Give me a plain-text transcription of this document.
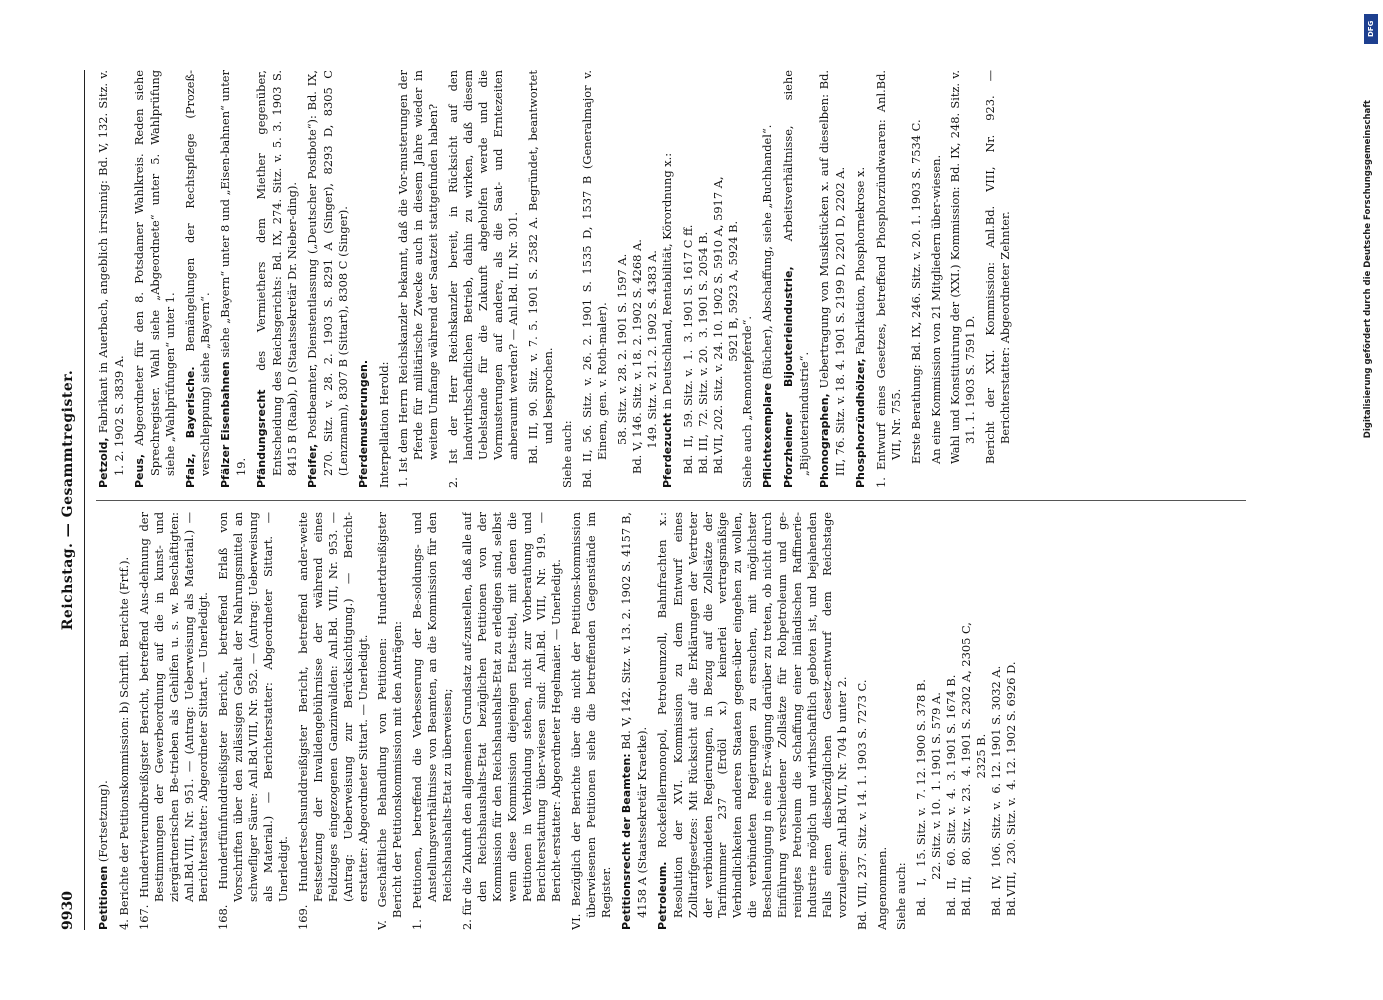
9930
Reichstag. — Gesammtregister.
Petitionen (Fortsetzung). 4. Berichte der Petitionskommission: b) Schriftl. Berichte (Frtf.). 167. Hundertvierundbreißigster Bericht, betreffend Aus-dehnung der Bestimmungen der Gewerbeordnung auf die in kunst- und ziergärtnerischen Be-trieben als Gehilfen u. s. w. Beschäftigten: Anl.Bd.VIII, Nr. 951. — (Antrag: Ueberweisung als Material.) — Berichterstatter: Abgeordneter Sittart. — Unerledigt. 168. Hundertfünfunddreißigster Bericht, betreffend Erlaß von Vorschriften über den zulässigen Gehalt der Nahrungsmittel an schwefliger Säure: Anl.Bd.VIII, Nr. 952. — (Antrag: Ueberweisung als Material.) — Berichterstatter: Abgeordneter Sittart. — Unerledigt. 169. Hundertsechsunddreißigster Bericht, betreffend ander-weite Festsetzung der Invalidengebührnisse der während eines Feldzuges eingezogenen Ganzinvaliden: Anl.Bd. VIII, Nr. 953. — (Antrag: Ueberweisung zur Berücksichtigung.) — Bericht-erstatter: Abgeordneter Sittart. — Unerledigt. V. Geschäftliche Behandlung von Petitionen: Hundertdreißigster Bericht der Petitionskommission mit den Anträgen: 1. Petitionen, betreffend die Verbesserung der Be-soldungs- und Anstellungsverhältnisse von Beamten, an die Kommission für den Reichshaushalts-Etat zu überweisen; 2. für die Zukunft den allgemeinen Grundsatz auf-zustellen, daß alle auf den Reichshaushalts-Etat bezüglichen Petitionen von der Kommission für den Reichshaushalts-Etat zu erledigen sind, selbst wenn diese Kommission diejenigen Etats-titel, mit denen die Petitionen in Verbindung stehen, nicht zur Vorberathung und Berichterstattung über-wiesen sind: Anl.Bd. VIII, Nr. 919. — Bericht-erstatter: Abgeordneter Hegelmaier. — Unerledigt. VI. Bezüglich der Berichte über die nicht der Petitions-kommission überwiesenen Petitionen siehe die betreffenden Gegenstände im Register. Petitionsrecht der Beamten: Bd. V, 142. Sitz. v. 13. 2. 1902 S. 4157 B, 4158 A (Staatssekretär Kraetke). Petroleum. Rockefellermonopol, Petroleumzoll, Bahnfrachten x.: Resolution der XVI. Kommission zu dem Entwurf eines Zolltarifgesetzes: Mit Rücksicht auf die Erklärungen der Vertreter der verbündeten Regierungen, in Bezug auf die Zollsätze der Tarifnummer 237 (Erdöl x.) keinerlei vertragsmäßige Verbindlichkeiten anderen Staaten gegen-über eingehen zu wollen, die verbündeten Regierungen zu ersuchen, mit möglichster Beschleunigung in eine Er-wägung darüber zu treten, ob nicht durch Einführung verschiedener Zollsätze für Rohpetroleum und ge-reinigtes Petroleum die Schaffung einer inländischen Raffinerie-Industrie möglich und wirthschaftlich geboten ist, und bejahenden Falls einen diesbezüglichen Gesetz-entwurf dem Reichstage vorzulegen: Anl.Bd.VII, Nr. 704 b unter 2. Bd. VIII, 237. Sitz. v. 14. 1. 1903 S. 7273 C. Angenommen. Siehe auch: Bd.   I,   15. Sitz. v.  7. 12. 1900 S. 378 B. 22. Sitz. v. 10.  1. 1901 S. 579 A. Bd.  II,   60. Sitz. v.  4.  3. 1901 S. 1674 B. Bd. III,   80. Sitz. v. 23.  4. 1901 S. 2302 A, 2305 C, 2325 B. Bd.  IV,  106. Sitz. v.  6. 12. 1901 S. 3032 A. Bd.VIII,  230. Sitz. v.  4. 12. 1902 S. 6926 D.
Petzold, Fabrikant in Auerbach, angeblich irrsinnig: Bd. V, 132. Sitz. v. 1. 2. 1902 S. 3839 A. Peus, Abgeordneter für den 8. Potsdamer Wahlkreis. Reden siehe Sprechregister. Wahl siehe „Abgeordnete“ unter 5. Wahlprüfung siehe „Wahlprüfungen“ unter 1. Pfalz, Bayerische. Bemängelungen der Rechtspflege (Prozeß-verschleppung) siehe „Bayern“. Pfälzer Eisenbahnen siehe „Bayern“ unter 8 und „Eisen-bahnen“ unter 19. Pfändungsrecht des Vermiethers dem Miether gegenüber, Entscheidung des Reichsgerichts: Bd. IX, 274. Sitz. v. 5. 3. 1903 S. 8415 B (Raab), D (Staatssekretär Dr. Nieber-ding). Pfeifer, Postbeamter, Dienstentlassung („Deutscher Postbote“): Bd. IX, 270. Sitz. v. 28. 2. 1903 S. 8291 A (Singer), 8293 D, 8305 C (Lenzmann), 8307 B (Sittart), 8308 C (Singer). Pferdemusterungen. Interpellation Herold: 1. Ist dem Herrn Reichskanzler bekannt, daß die Vor-musterungen der Pferde für militärische Zwecke auch in diesem Jahre wieder in weitem Umfange während der Saatzeit stattgefunden haben? 2. Ist der Herr Reichskanzler bereit, in Rücksicht auf den landwirthschaftlichen Betrieb, dahin zu wirken, daß diesem Uebelstande für die Zukunft abgeholfen werde und die Vormusterungen auf andere, als die Saat- und Erntezeiten anberaumt werden? — Anl.Bd. III, Nr. 301. Bd. III, 90. Sitz. v. 7. 5. 1901 S. 2582 A. Begründet, beantwortet und besprochen.
Siehe auch: Bd. II, 56. Sitz. v. 26. 2. 1901 S. 1535 D, 1537 B (Generalmajor v. Einem, gen. v. Roth-maler). 58. Sitz. v. 28. 2. 1901 S. 1597 A. Bd. V, 146. Sitz. v. 18. 2. 1902 S. 4268 A. 149. Sitz. v. 21. 2. 1902 S. 4383 A. Pferdezucht in Deutschland, Rentabilität, Körordnung x.: Bd.  II,  59. Sitz. v.  1.  3. 1901 S. 1617 C ff. Bd. III,  72. Sitz. v. 20.  3. 1901 S. 2054 B. Bd.VII, 202. Sitz. v. 24. 10. 1902 S. 5910 A, 5917 A, 5921 B, 5923 A, 5924 B. Siehe auch „Remontepferde“. Pflichtexemplare (Bücher), Abschaffung, siehe „Buchhandel“. Pforzheimer Bijouterieindustrie, Arbeitsverhältnisse, siehe „Bijouterieindustrie“. Phonographen, Uebertragung von Musikstücken x. auf dieselben: Bd. III, 76. Sitz. v. 18. 4. 1901 S. 2199 D, 2201 D, 2202 A. Phosphorzündhölzer, Fabrikation, Phosphornekrose x. 1. Entwurf eines Gesetzes, betreffend Phosphorzündwaaren: Anl.Bd. VII, Nr. 755. Erste Berathung: Bd. IX, 246. Sitz. v. 20. 1. 1903 S. 7534 C. An eine Kommission von 21 Mitgliedern über-wiesen. Wahl und Konstituirung der (XXI.) Kommission: Bd. IX, 248. Sitz. v. 31. 1. 1903 S. 7591 D. Bericht der XXI. Kommission: Anl.Bd. VIII, Nr. 923. — Berichterstatter: Abgeordneter Zehnter.
DFG
Digitalisierung gefördert durch die Deutsche Forschungsgemeinschaft
